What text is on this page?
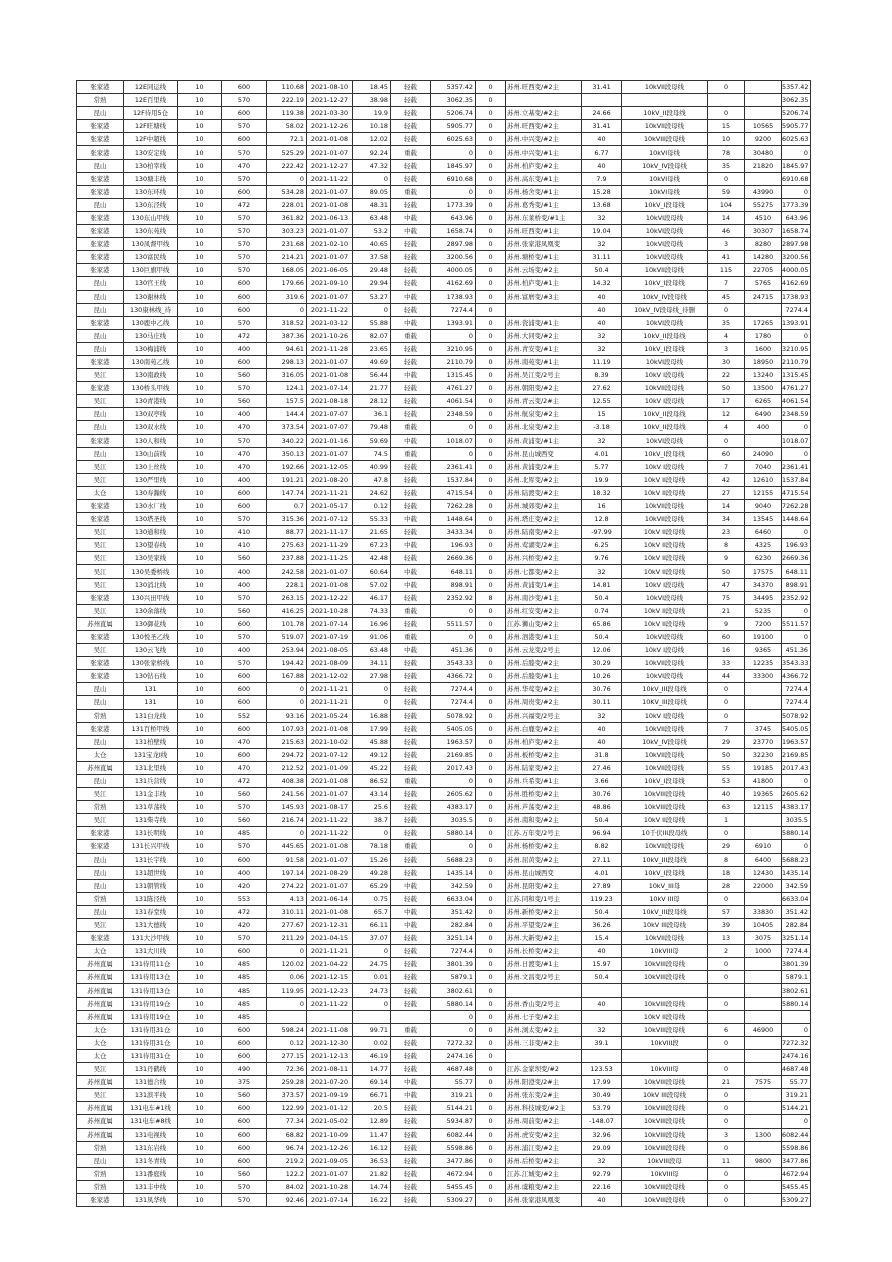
张家港	12E同运线	10	600	110.68	2021-08-10	18.45	轻载	5357.42	0	苏州.旺西变/#2主	31.41	10kVII段母线	0		5357.42
常熟	12E百里线	10	570	222.19	2021-12-27	38.98	轻载	3062.35	0						3062.35
昆山	12F待用5仓	10	600	119.38	2021-03-30	19.9	轻载	5206.74	0	苏州.立基变/#2主	24.66	10kV_II段母线	0		5206.74
张家港	12F旺塘线	10	570	58.02	2021-12-26	10.18	轻载	5905.77	0	苏州.旺西变/#2主	31.41	10kVII段母线	15	10565	5905.77
张家港	12F中超线	10	600	72.1	2021-01-08	12.02	轻载	6025.63	0	苏州.中兴变/#2主	40	10kVIII段母线	10	9200	6025.63
张家港	130安定线	10	570	525.29	2021-01-07	92.24	重载	0	0	苏州.中兴变/#1主	6.77	10kVI母线	78	30480	0
昆山	130柏宰线	10	470	222.42	2021-12-27	47.32	轻载	1845.97	0	苏州.柏庐变/#2主	40	10kV_IV段母线	35	21820	1845.97
张家港	130塘丰线	10	570	0	2021-11-22	0	轻载	6910.68	0	苏州.高东变/#1主	7.9	10kVI母线	0		6910.68
张家港	130东环线	10	600	534.28	2021-01-07	89.05	重载	0	0	苏州.杨舍变/#1主	15.28	10kVI母线	59	43990	0
昆山	130东泾线	10	472	228.01	2021-01-08	48.31	轻载	1773.39	0	苏州.葛秀变/#1主	13.68	10kV_I段母线	104	55275	1773.39
张家港	130东山甲线	10	570	361.82	2021-06-13	63.48	中载	643.96	0	苏州.东莱桥变/#1主	32	10kVI段母线	14	4510	643.96
张家港	130东苑线	10	570	303.23	2021-01-07	53.2	中载	1658.74	0	苏州.旺西变/#1主	19.04	10kVI段母线	46	30307	1658.74
张家港	130凤督甲线	10	570	231.68	2021-02-10	40.65	轻载	2897.98	0	苏州.张家港凤凰变	32	10kVI段母线	3	8280	2897.98
张家港	130富民线	10	570	214.21	2021-01-07	37.58	轻载	3200.56	0	苏州.塘桥变/#1主	31.11	10kVI段母线	41	14280	3200.56
张家港	130巨旗甲线	10	570	168.05	2021-06-05	29.48	轻载	4000.05	0	苏州.云场变/#2主	50.4	10kVII段母线	115	22705	4000.05
昆山	130官王线	10	600	179.66	2021-09-10	29.94	轻载	4162.69	0	苏州.柏庐变/#1主	14.32	10kV_I段母线	7	5765	4162.69
昆山	130谢林线	10	600	319.6	2021-01-07	53.27	中载	1738.93	0	苏州.富磨变/#3主	40	10kV_IV段母线	45	24715	1738.93
昆山	130康林线_待	10	600	0	2021-11-22	0	轻载	7274.4	0		40	10kV_IV段母线_待删	0		7274.4
张家港	130鹿中乙线	10	570	318.52	2021-03-12	55.88	中载	1393.91	0	苏州.瓷浦变/#1主	40	10kVI段母线	35	17265	1393.91
昆山	130马庄线	10	472	387.36	2021-10-26	82.07	重载	0	0	苏州.大同变/#2主	32	10kV_II段母线	4	1780	0
昆山	130梅浦线	10	400	94.61	2021-11-28	23.65	轻载	3210.95	0	苏州.青安变/#1主	32	10kV_I段母线	3	1600	3210.95
张家港	130南苑乙线	10	600	298.13	2021-01-07	49.69	轻载	2110.79	0	苏州.南苑变/#1主	11.19	10kVI段母线	30	18950	2110.79
吴江	130南政线	10	560	316.05	2021-01-08	56.44	中载	1315.45	0	苏州.吴江变/2号主	8.39	10kV I段母线	22	13240	1315.45
张家港	130桥头甲线	10	570	124.1	2021-07-14	21.77	轻载	4761.27	0	苏州.朝阳变/#2主	27.62	10kVII段母线	50	13500	4761.27
吴江	130青港线	10	560	157.5	2021-08-18	28.12	轻载	4061.54	0	苏州.青云变/2#主	12.55	10kV I段母线	17	6265	4061.54
昆山	130双亭线	10	400	144.4	2021-07-07	36.1	轻载	2348.59	0	苏州.航泉变/#2主	15	10kV_II段母线	12	6490	2348.59
昆山	130双水线	10	470	373.54	2021-07-07	79.48	重载	0	0	苏州.北泉变/#2主	-3.18	10kV_II段母线	4	400	0
张家港	130人和线	10	570	340.22	2021-01-16	59.69	中载	1018.07	0	苏州.黄浦变/#1主	32	10kVI段母线	0		1018.07
昆山	130山前线	10	470	350.13	2021-01-07	74.5	重载	0	0	苏州.昆山城西变	4.01	10kV_I段母线	60	24090	0
吴江	130上丝线	10	470	192.66	2021-12-05	40.99	轻载	2361.41	0	苏州.黄浦变/2#主	5.77	10kV I段母线	7	7040	2361.41
吴江	130严里线	10	400	191.21	2021-08-20	47.8	轻载	1537.84	0	苏州.北厍变/#2主	19.9	10kV II段母线	42	12610	1537.84
太仓	130寿瀚线	10	600	147.74	2021-11-21	24.62	轻载	4715.54	0	苏州.陆渡变/#2主	18.32	10kV II段母线	27	12155	4715.54
张家港	130水厂线	10	600	0.7	2021-05-17	0.12	轻载	7262.28	0	苏州.城郊变/#2主	16	10kVII段母线	14	9040	7262.28
张家港	130塔圣线	10	570	315.36	2021-07-12	55.33	中载	1448.64	0	苏州.塔庄变/#2主	12.8	10kVII段母线	34	13545	1448.64
吴江	130通和线	10	410	88.77	2021-11-17	21.65	轻载	3433.34	0	苏州.陆南变/#2主	-97.99	10kV II段母线	23	6460	0
吴江	130望春线	10	410	275.63	2021-11-29	67.23	中载	196.93	0	苏州.莺湖变/2#主	6.25	10kV II段母线	8	4325	196.93
吴江	130吴家线	10	560	237.88	2021-11-25	42.48	轻载	2669.36	0	苏州.兴桥变/#2主	9.76	10kV II段母线	9	6230	2669.36
吴江	130吴委桥线	10	400	242.58	2021-01-07	60.64	中载	648.11	0	苏州.七都变/#2主	32	10kV II段母线	50	17575	648.11
吴江	130消北线	10	400	228.1	2021-01-08	57.02	中载	898.91	0	苏州.黄浦变/1#主	14.81	10kV I段母线	47	34370	898.91
张家港	130兴田甲线	10	570	263.15	2021-12-22	46.17	轻载	2352.92	8	苏州.南沙变/#1主	50.4	10kVI段母线	75	34495	2352.92
吴江	130余落线	10	560	416.25	2021-10-28	74.33	重载	0	0	苏州.红安变/#2主	0.74	10kV II段母线	21	5235	0
苏州直属	130御花线	10	600	101.78	2021-07-14	16.96	轻载	5511.57	0	江苏.狮山变/#2主	65.86	10kV II段母线	9	7200	5511.57
张家港	130悦圣乙线	10	570	519.07	2021-07-19	91.06	重载	0	0	苏州.泗港变/#1主	50.4	10kVI段母线	60	19100	0
吴江	130云飞线	10	400	253.94	2021-08-05	63.48	中载	451.36	0	苏州.云龙变/2号主	12.06	10kV I段母线	16	9365	451.36
张家港	130张家桥线	10	570	194.42	2021-08-09	34.11	轻载	3543.33	0	苏州.后塍变/#2主	30.29	10kVII段母线	33	12235	3543.33
张家港	130钻石线	10	600	167.88	2021-12-02	27.98	轻载	4366.72	0	苏州.后塍变/#1主	10.26	10kVI段母线	44	33300	4366.72
昆山	131	10	600	0	2021-11-21	0	轻载	7274.4	0	苏州.华莺变/#2主	30.76	10kV_III段母线	0		7274.4
昆山	131	10	600	0	2021-11-21	0	轻载	7274.4	0	苏州.周贵变/#2主	30.11	10KV_III段母线	0		7274.4
常熟	131白龙线	10	552	93.16	2021-05-24	16.88	轻载	5078.92	0	苏州.兴福变/2号主	32	10kV I段母线	0		5078.92
张家港	131百桥甲线	10	600	107.93	2021-01-08	17.99	轻载	5405.05	0	苏州.白鹿变/#2主	40	10kVII段母线	7	3745	5405.05
昆山	131柏壁线	10	470	215.63	2021-10-02	45.88	轻载	1963.57	0	苏州.柏庐变/#2主	40	10kV_IV段母线	29	23770	1963.57
太仓	131宝龙I线	10	600	294.72	2021-07-12	49.12	轻载	2169.85	0	苏州.板桥变/#2主	31.8	10kVII段母线	50	32230	2169.85
苏州直属	131北里线	10	470	212.52	2021-01-09	45.22	轻载	2017.43	0	苏州.陆家变/#2主	27.46	10kVII段母线	55	19185	2017.43
昆山	131兵营线	10	472	408.38	2021-01-08	86.52	重载	0	0	苏州.兵希变/#1主	3.66	10kV_I段母线	53	41800	0
吴江	131金丰线	10	560	241.56	2021-01-07	43.14	轻载	2605.62	0	苏州.胜桥变/#2主	30.76	10kVIII段母线	40	19365	2605.62
常熟	131草荡线	10	570	145.93	2021-08-17	25.6	轻载	4383.17	0	苏州.芦荡变/#2主	48.86	10kVIII段母线	63	12115	4383.17
吴江	131柴寺线	10	560	216.74	2021-11-22	38.7	轻载	3035.5	0	苏州.南和变/#2主	50.4	10kV II段母线	1		3035.5
张家港	131长明线	10	485	0	2021-11-22	0	轻载	5880.14	0	江苏.万年变/2号主	96.94	10千伏III段母线	0		5880.14
张家港	131长兴甲线	10	570	445.65	2021-01-08	78.18	重载	0	0	苏州.杨桥变/#2主	8.82	10kVII段母线	29	6910	0
昆山	131长宇线	10	600	91.58	2021-01-07	15.26	轻载	5688.23	0	苏州.屈黄变/#2主	27.11	10kV_III段母线	8	6400	5688.23
昆山	131超世线	10	400	197.14	2021-08-29	49.28	轻载	1435.14	0	苏州.昆山城西变	4.01	10kV_I段母线	18	12430	1435.14
昆山	131朝管线	10	420	274.22	2021-01-07	65.29	中载	342.59	0	苏州.昆阳变/#2主	27.89	10kV_III母	28	22000	342.59
常熟	131陈泾线	10	553	4.13	2021-06-14	0.75	轻载	6633.04	0	江苏.同和变/1号主	119.23	10kV III母	0		6633.04
昆山	131春堂线	10	472	310.11	2021-01-08	65.7	中载	351.42	0	苏州.新桥变/#2主	50.4	10kV_III段母线	57	33830	351.42
吴江	131大德线	10	420	277.67	2021-12-31	66.11	中载	282.84	0	苏州.平望变/2#主	36.26	10kV III段母线	39	10405	282.84
张家港	131大沙甲线	10	570	211.29	2021-04-15	37.07	轻载	3251.14	0	苏州.大新变/#2主	15.4	10kVII段母线	13	3075	3251.14
太仓	131大川线	10	600	0	2021-11-21	0	轻载	7274.4	0	苏州.长桥变/#2主	40	10kVIII母	2	1000	7274.4
苏州直属	131待用11仓	10	485	120.02	2021-04-22	24.75	轻载	3801.39	0	苏州.日渡变/#1主	15.97	10kVIII段母线	0		3801.39
苏州直属	131待用13仓	10	485	0.06	2021-12-15	0.01	轻载	5879.1	0	苏州.文昌变/2号主	50.4	10kVIII段母线	0		5879.1
苏州直属	131待用13仓	10	485	119.95	2021-12-23	24.73	轻载	3802.61	0						3802.61
苏州直属	131待用19仓	10	485	0	2021-11-22	0	轻载	5880.14	0	苏州.香山变/2号主	40	10kVIII段母线	0		5880.14
苏州直属	131待用19仓	10	485					0	0	苏州.七子变/#2主		10kV II段母线			
太仓	131待用31仓	10	600	598.24	2021-11-08	99.71	重载	0	0	苏州.浏太变/#2主	32	10kVIII段母线	6	46900	0
太仓	131待用31仓	10	600	0.12	2021-12-30	0.02	轻载	7272.32	0	苏州.三非变/#2主	39.1	10kVIII段	0		7272.32
太仓	131待用31仓	10	600	277.15	2021-12-13	46.19	轻载	2474.16	0						2474.16
吴江	131丹鹤线	10	490	72.36	2021-08-11	14.77	轻载	4687.48	0	江苏.金家坝变/#2	123.53	10kVIII母	0		4687.48
苏州直属	131德合线	10	375	259.28	2021-07-20	69.14	中载	55.77	0	苏州.阳澄变/2#主	17.99	10kVIII段母线	21	7575	55.77
吴江	131滨平线	10	560	373.57	2021-09-19	66.71	中载	319.21	0	苏州.张东变/2#主	30.49	10kV III段母线	0		319.21
苏州直属	131电车#1线	10	600	122.99	2021-01-12	20.5	轻载	5144.21	0	苏州.科技城变/#2主	53.79	10kVIII段母线	0		5144.21
苏州直属	131电车#8线	10	600	77.34	2021-05-02	12.89	轻载	5934.87	0	苏州.周前变/#2主	-148.07	10kVIII段母线	0		0
苏州直属	131电视线	10	600	68.82	2021-10-09	11.47	轻载	6082.44	0	苏州.虎安变/#2主	32.96	10kVIII段母线	3	1300	6082.44
常熟	131东岩线	10	600	96.74	2021-12-26	16.12	轻载	5598.86	0	苏州.浦江变/#2主	29.09	10kVIII段母线	0		5598.86
昆山	131冬青线	10	600	219.2	2021-09-05	36.53	轻载	3477.86	0	苏州.后桥变/#2主	32	10kVIII段母	11	9800	3477.86
常熟	131番庭线	10	560	122.2	2021-01-07	21.82	轻载	4672.94	0	江苏.江城变/#2主	92.79	10kVIII母	0		4672.94
常熟	131丰中线	10	570	84.02	2021-10-28	14.74	轻载	5455.45	0	苏州.虞粮变/#2主	22.16	10kVIII段母线	0		5455.45
张家港	131凤华线	10	570	92.46	2021-07-14	16.22	轻载	5309.27	0	苏州.张家港凤凰变	40	10kVIII段母线	0		5309.27
